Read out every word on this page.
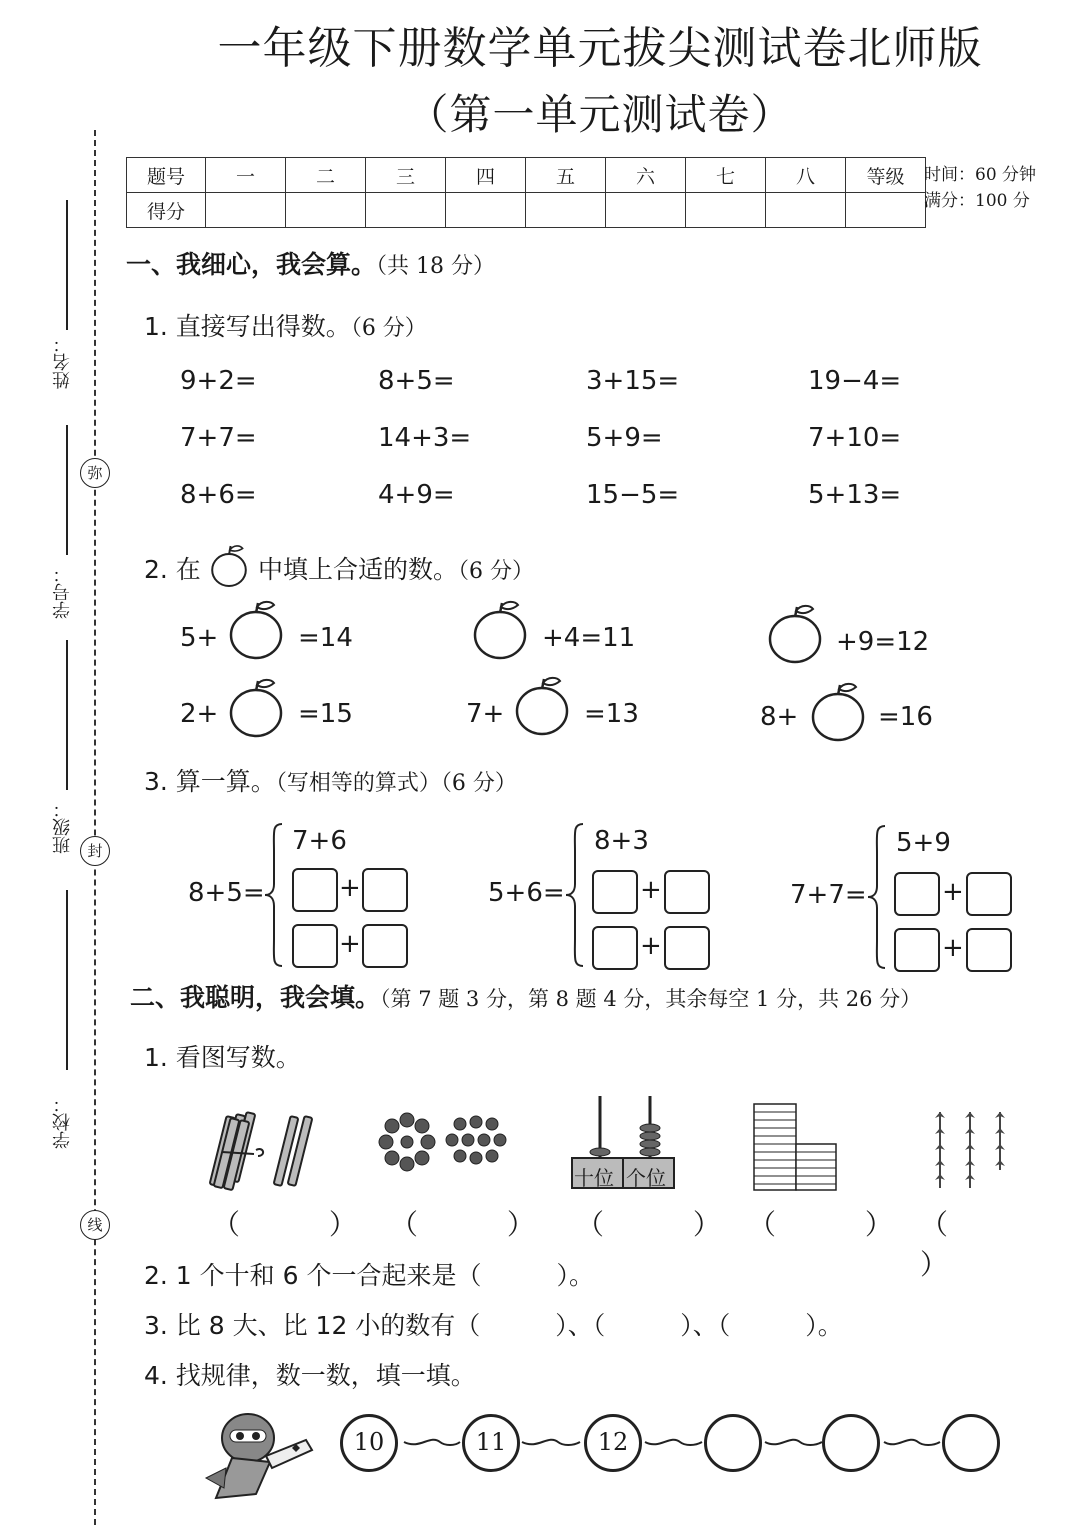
一年级下册数学单元拔尖测试卷北师版
（第一单元测试卷）
姓名：
学号：
班级：
学校：
弥
封
线
题号	一	二	三	四	五	六	七	八	等级
得分									
时间：60 分钟
满分：100 分
一、我细心，我会算。（共 18 分）
1. 直接写出得数。（6 分）
9+2=	8+5=	3+15=	19−4=
7+7=	14+3=	5+9=	7+10=
8+6=	4+9=	15−5=	5+13=
2. 在 中填上合适的数。（6 分）
5+	=14	+4=11	+9=12
2+	=15	7+	=13	8+	=16
3. 算一算。（写相等的算式）（6 分）
8+5=
7+6
+
+
5+6=
8+3
+
+
7+7=
5+9
+
+
二、我聪明，我会填。（第 7 题 3 分，第 8 题 4 分，其余每空 1 分，共 26 分）
1. 看图写数。
十位 个位
（ ）
（ ） （ ）
（ ）
（ ）
2. 1 个十和 6 个一合起来是（　　　）。
3. 比 8 大、比 12 小的数有（　　　）、（　　　）、（　　　）。
4. 找规律，数一数，填一填。
10	11	12
